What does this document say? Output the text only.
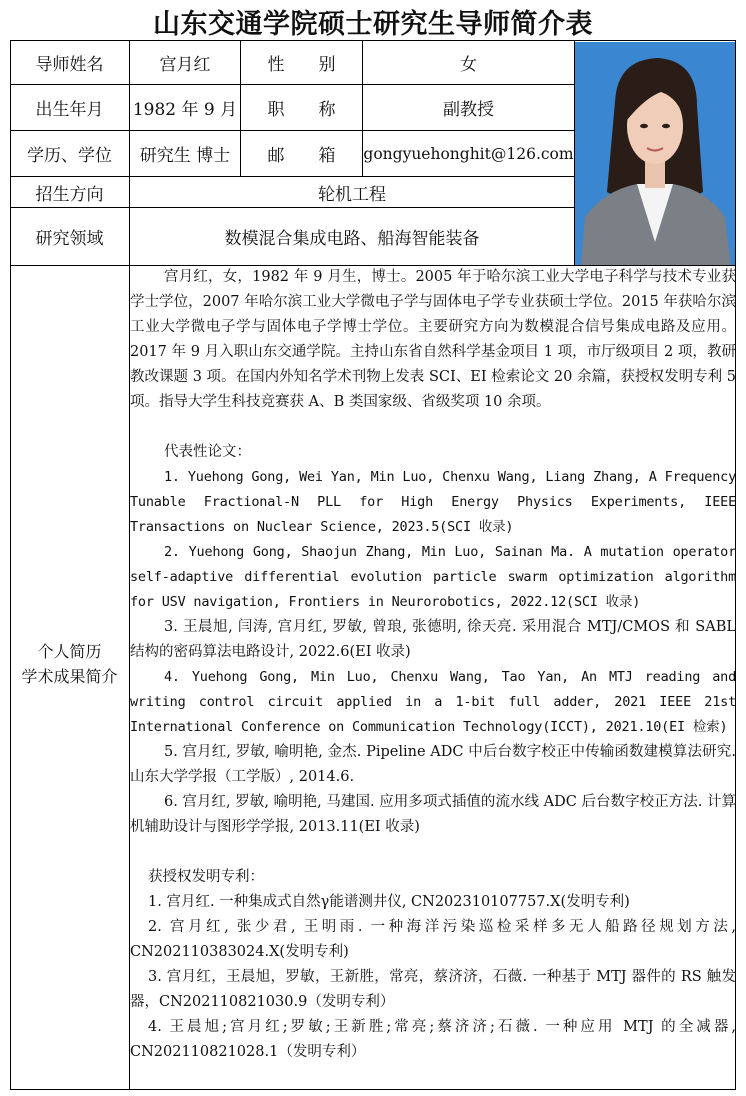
山东交通学院硕士研究生导师简介表
导师姓名	宫月红	性　　别	女
出生年月	1982 年 9 月	职　　称	副教授
学历、学位	研究生 博士	邮　　箱	gongyuehonghit@126.com
招生方向	轮机工程
研究领域	数模混合集成电路、船海智能装备
个人简历
学术成果简介

宫月红，女，1982 年 9 月生，博士。2005 年于哈尔滨工业大学电子科学与技术专业获学士学位，2007 年哈尔滨工业大学微电子学与固体电子学专业获硕士学位。2015 年获哈尔滨工业大学微电子学与固体电子学博士学位。主要研究方向为数模混合信号集成电路及应用。2017 年 9 月入职山东交通学院。主持山东省自然科学基金项目 1 项，市厅级项目 2 项，教研教改课题 3 项。在国内外知名学术刊物上发表 SCI、EI 检索论文 20 余篇，获授权发明专利 5 项。指导大学生科技竞赛获 A、B 类国家级、省级奖项 10 余项。

代表性论文：

1. Yuehong Gong, Wei Yan, Min Luo, Chenxu Wang, Liang Zhang, A Frequency Tunable Fractional-N PLL for High Energy Physics Experiments, IEEE Transactions on Nuclear Science, 2023.5(SCI 收录)

2. Yuehong Gong, Shaojun Zhang, Min Luo, Sainan Ma. A mutation operator self-adaptive differential evolution particle swarm optimization algorithm for USV navigation, Frontiers in Neurorobotics, 2022.12(SCI 收录)

3. 王晨旭, 闫涛, 宫月红, 罗敏, 曾琅, 张德明, 徐天亮. 采用混合 MTJ/CMOS 和 SABL 结构的密码算法电路设计, 2022.6(EI 收录)

4. Yuehong Gong, Min Luo, Chenxu Wang, Tao Yan, An MTJ reading and writing control circuit applied in a 1-bit full adder, 2021 IEEE 21st International Conference on Communication Technology(ICCT), 2021.10(EI 检索)

5. 宫月红, 罗敏, 喻明艳, 金杰. Pipeline ADC 中后台数字校正中传输函数建模算法研究. 山东大学学报（工学版）, 2014.6.

6. 宫月红, 罗敏, 喻明艳, 马建国. 应用多项式插值的流水线 ADC 后台数字校正方法. 计算机辅助设计与图形学学报, 2013.11(EI 收录)

获授权发明专利：

1. 宫月红. 一种集成式自然γ能谱测井仪, CN202310107757.X(发明专利)

2. 宫月红, 张少君, 王明雨. 一种海洋污染巡检采样多无人船路径规划方法, CN202110383024.X(发明专利)

3. 宫月红，王晨旭，罗敏，王新胜，常亮，蔡济济，石薇. 一种基于 MTJ 器件的 RS 触发器，CN202110821030.9（发明专利）

4. 王晨旭;宫月红;罗敏;王新胜;常亮;蔡济济;石薇. 一种应用 MTJ 的全减器, CN202110821028.1（发明专利）
